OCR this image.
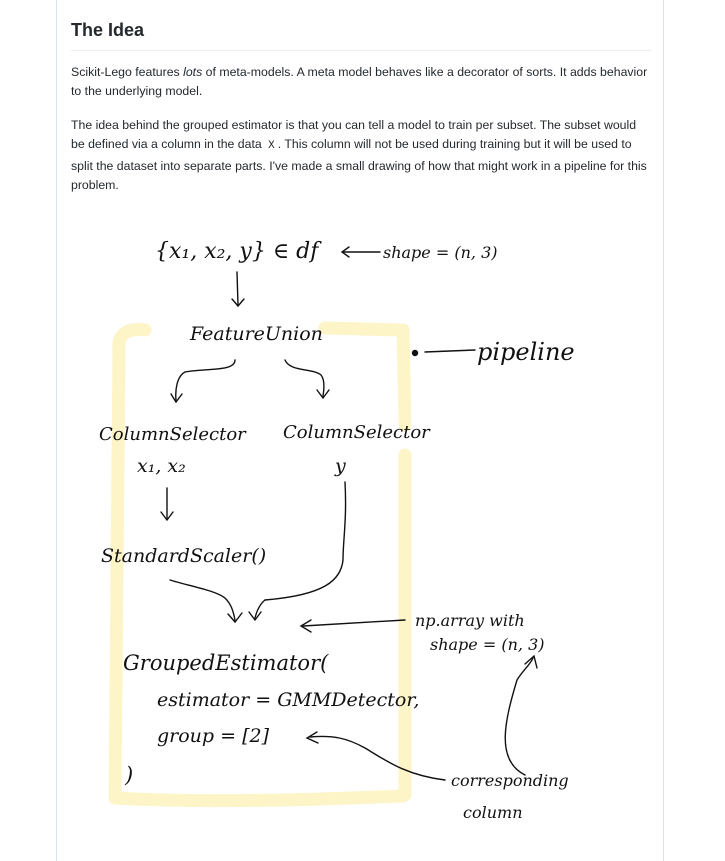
The Idea

Scikit-Lego features lots of meta-models. A meta model behaves like a decorator of sorts. It adds behavior to the underlying model.

The idea behind the grouped estimator is that you can tell a model to train per subset. The subset would be defined via a column in the data X . This column will not be used during training but it will be used to split the dataset into separate parts. I've made a small drawing of how that might work in a pipeline for this problem.

{x₁, x₂, y} ∈ df	shape = (n, 3)
FeatureUnion
pipeline
ColumnSelector ColumnSelector
x₁, x₂	y
StandardScaler()
np.array with
shape = (n, 3)
GroupedEstimator(
estimator = GMMDetector,
group = [2]
)	corresponding
column
